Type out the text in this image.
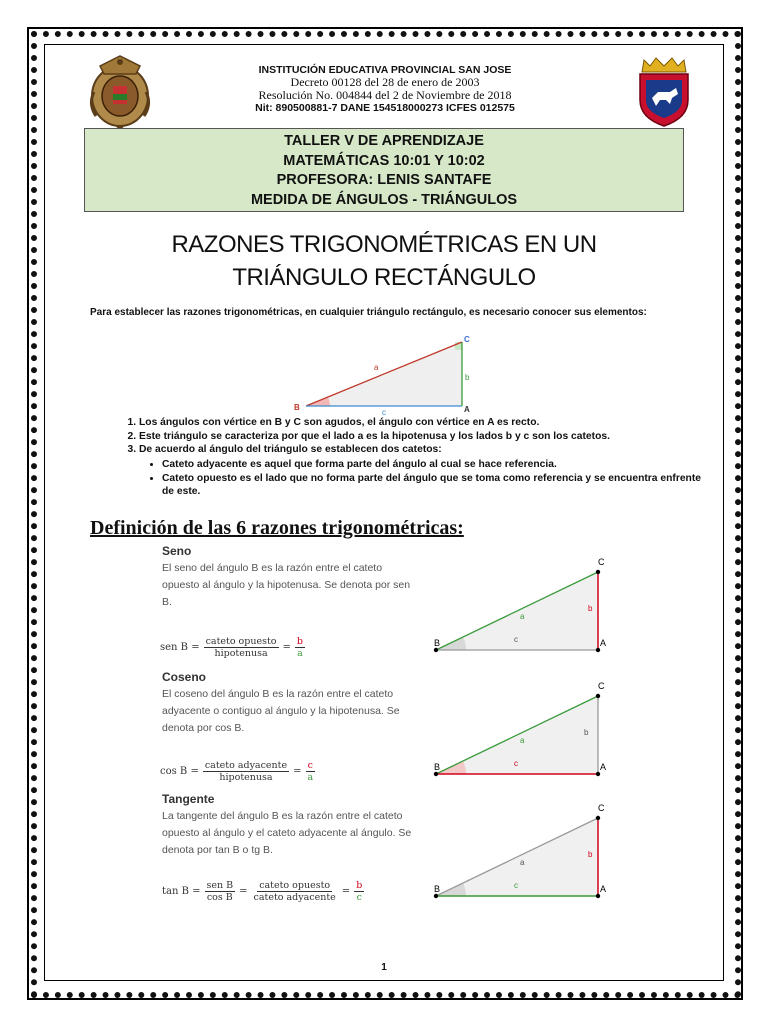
INSTITUCIÓN EDUCATIVA PROVINCIAL SAN JOSE
Decreto 00128 del 28 de enero de 2003
Resolución No. 004844 del 2 de Noviembre de 2018
Nit: 890500881-7 DANE 154518000273 ICFES 012575
TALLER V DE APRENDIZAJE
MATEMÁTICAS 10:01 Y 10:02
PROFESORA: LENIS SANTAFE
MEDIDA DE ÁNGULOS - TRIÁNGULOS
RAZONES TRIGONOMÉTRICAS EN UN
TRIÁNGULO RECTÁNGULO
Para establecer las razones trigonométricas, en cualquier triángulo rectángulo, es necesario conocer sus elementos:
B	A
C
a
b
c
1. Los ángulos con vértice en B y C son agudos, el ángulo con vértice en A es recto.
2. Este triángulo se caracteriza por que el lado a es la hipotenusa y los lados b y c son los catetos.
3. De acuerdo al ángulo del triángulo se establecen dos catetos:
• Cateto adyacente es aquel que forma parte del ángulo al cual se hace referencia.
• Cateto opuesto es el lado que no forma parte del ángulo que se toma como referencia y se encuentra enfrente de este.
Definición de las 6 razones trigonométricas:
Seno
El seno del ángulo B es la razón entre el cateto opuesto al ángulo y la hipotenusa. Se denota por sen B.
sen $B = \frac{\text{cateto opuesto}}{\text{hipotenusa}} = \frac{b}{a}$	B	A
C
a
b
c
Coseno
El coseno del ángulo B es la razón entre el cateto adyacente o contiguo al ángulo y la hipotenusa. Se denota por cos B.
$\cos B = \frac{\text{cateto adyacente}}{\text{hipotenusa}} = \frac{c}{a}$	B	A
C
a
b
c
Tangente
La tangente del ángulo B es la razón entre el cateto opuesto al ángulo y el cateto adyacente al ángulo. Se denota por tan B o tg B.
$\tan B = \frac{\text{sen B}}{\text{cos B}} = \frac{\text{cateto opuesto}}{\text{cateto adyacente}} = \frac{b}{c}$	B	A
C
a
b
c
1
